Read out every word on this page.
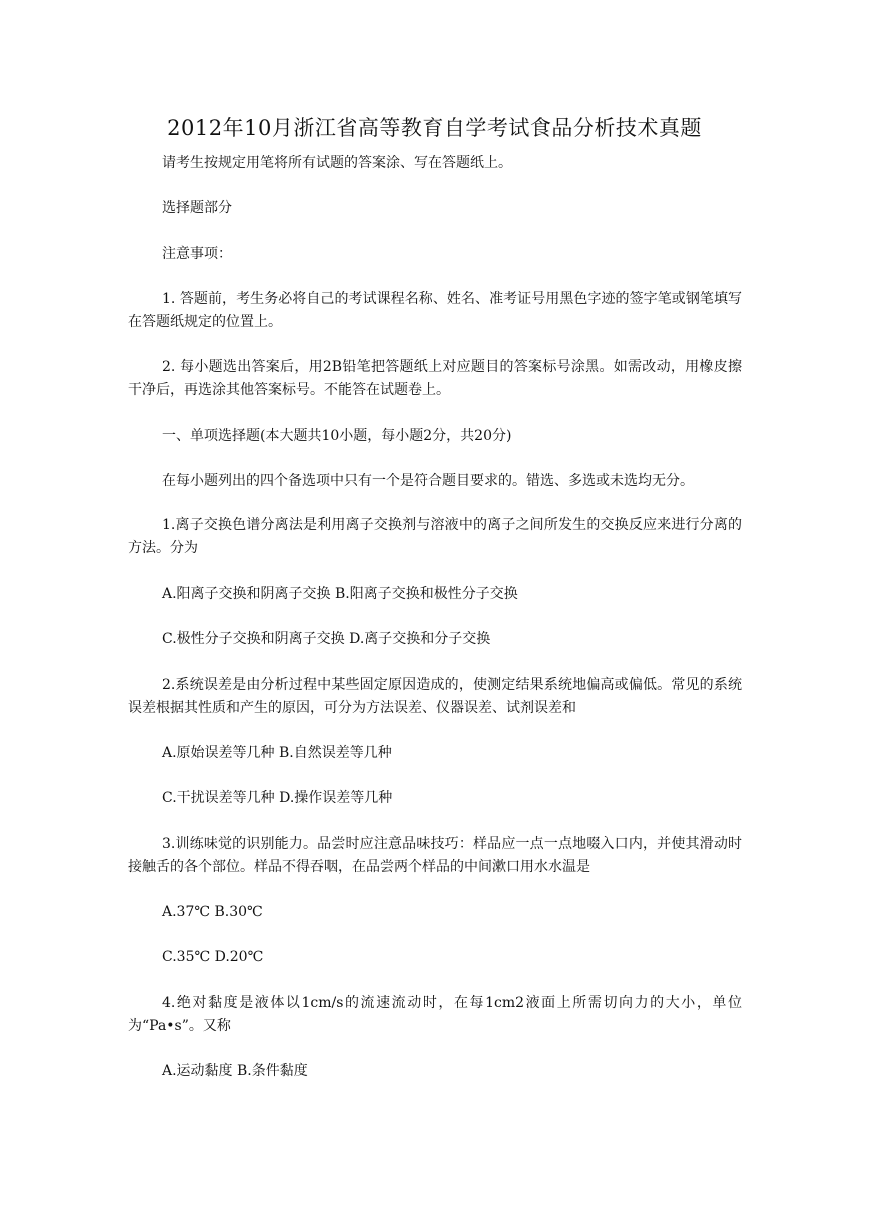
2012年10月浙江省高等教育自学考试食品分析技术真题

请考生按规定用笔将所有试题的答案涂、写在答题纸上。

选择题部分

注意事项：

1. 答题前，考生务必将自己的考试课程名称、姓名、准考证号用黑色字迹的签字笔或钢笔填写在答题纸规定的位置上。

2. 每小题选出答案后，用2B铅笔把答题纸上对应题目的答案标号涂黑。如需改动，用橡皮擦干净后，再选涂其他答案标号。不能答在试题卷上。

一、单项选择题(本大题共10小题，每小题2分，共20分)

在每小题列出的四个备选项中只有一个是符合题目要求的。错选、多选或未选均无分。

1.离子交换色谱分离法是利用离子交换剂与溶液中的离子之间所发生的交换反应来进行分离的方法。分为

A.阳离子交换和阴离子交换 B.阳离子交换和极性分子交换

C.极性分子交换和阴离子交换 D.离子交换和分子交换

2.系统误差是由分析过程中某些固定原因造成的，使测定结果系统地偏高或偏低。常见的系统误差根据其性质和产生的原因，可分为方法误差、仪器误差、试剂误差和

A.原始误差等几种 B.自然误差等几种

C.干扰误差等几种 D.操作误差等几种

3.训练味觉的识别能力。品尝时应注意品味技巧：样品应一点一点地啜入口内，并使其滑动时接触舌的各个部位。样品不得吞咽，在品尝两个样品的中间漱口用水水温是

A.37℃ B.30℃

C.35℃ D.20℃

4.绝对黏度是液体以1cm/s的流速流动时，在每1cm2液面上所需切向力的大小，单位为“Pa•s”。又称

A.运动黏度 B.条件黏度
